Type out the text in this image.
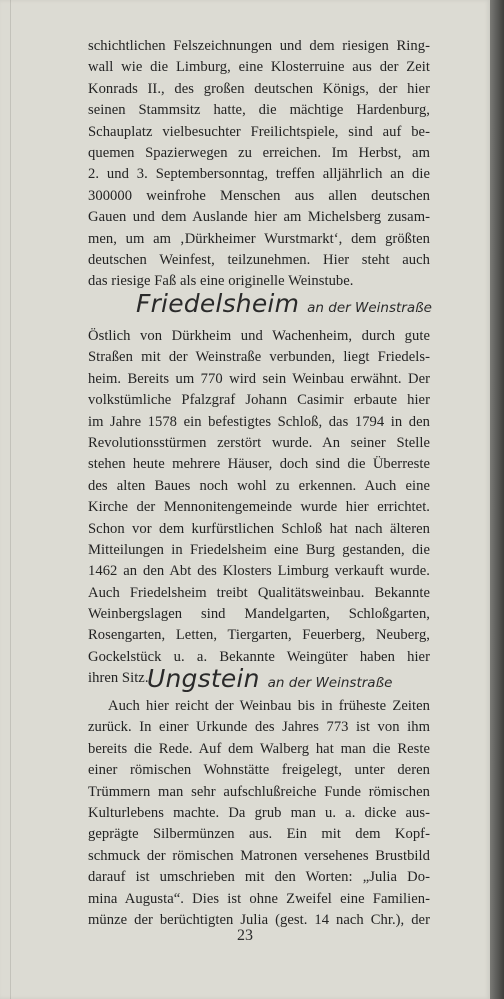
schichtlichen Felszeichnungen und dem riesigen Ring-
wall wie die Limburg, eine Klosterruine aus der Zeit
Konrads II., des großen deutschen Königs, der hier
seinen Stammsitz hatte, die mächtige Hardenburg,
Schauplatz vielbesuchter Freilichtspiele, sind auf be-
quemen Spazierwegen zu erreichen. Im Herbst, am
2. und 3. Septembersonntag, treffen alljährlich an die
300000 weinfrohe Menschen aus allen deutschen
Gauen und dem Auslande hier am Michelsberg zusam-
men, um am ‚Dürkheimer Wurstmarkt‘, dem größten
deutschen Weinfest, teilzunehmen. Hier steht auch
das riesige Faß als eine originelle Weinstube.
Friedelsheim an der Weinstraße
Östlich von Dürkheim und Wachenheim, durch gute
Straßen mit der Weinstraße verbunden, liegt Friedels-
heim. Bereits um 770 wird sein Weinbau erwähnt. Der
volkstümliche Pfalzgraf Johann Casimir erbaute hier
im Jahre 1578 ein befestigtes Schloß, das 1794 in den
Revolutionsstürmen zerstört wurde. An seiner Stelle
stehen heute mehrere Häuser, doch sind die Überreste
des alten Baues noch wohl zu erkennen. Auch eine
Kirche der Mennonitengemeinde wurde hier errichtet.
Schon vor dem kurfürstlichen Schloß hat nach älteren
Mitteilungen in Friedelsheim eine Burg gestanden, die
1462 an den Abt des Klosters Limburg verkauft wurde.
Auch Friedelsheim treibt Qualitätsweinbau. Bekannte
Weinbergslagen sind Mandelgarten, Schloßgarten,
Rosengarten, Letten, Tiergarten, Feuerberg, Neuberg,
Gockelstück u. a. Bekannte Weingüter haben hier
ihren Sitz.
Ungstein an der Weinstraße
Auch hier reicht der Weinbau bis in früheste Zeiten
zurück. In einer Urkunde des Jahres 773 ist von ihm
bereits die Rede. Auf dem Walberg hat man die Reste
einer römischen Wohnstätte freigelegt, unter deren
Trümmern man sehr aufschlußreiche Funde römischen
Kulturlebens machte. Da grub man u. a. dicke aus-
geprägte Silbermünzen aus. Ein mit dem Kopf-
schmuck der römischen Matronen versehenes Brustbild
darauf ist umschrieben mit den Worten: „Julia Do-
mina Augusta“. Dies ist ohne Zweifel eine Familien-
münze der berüchtigten Julia (gest. 14 nach Chr.), der
23
